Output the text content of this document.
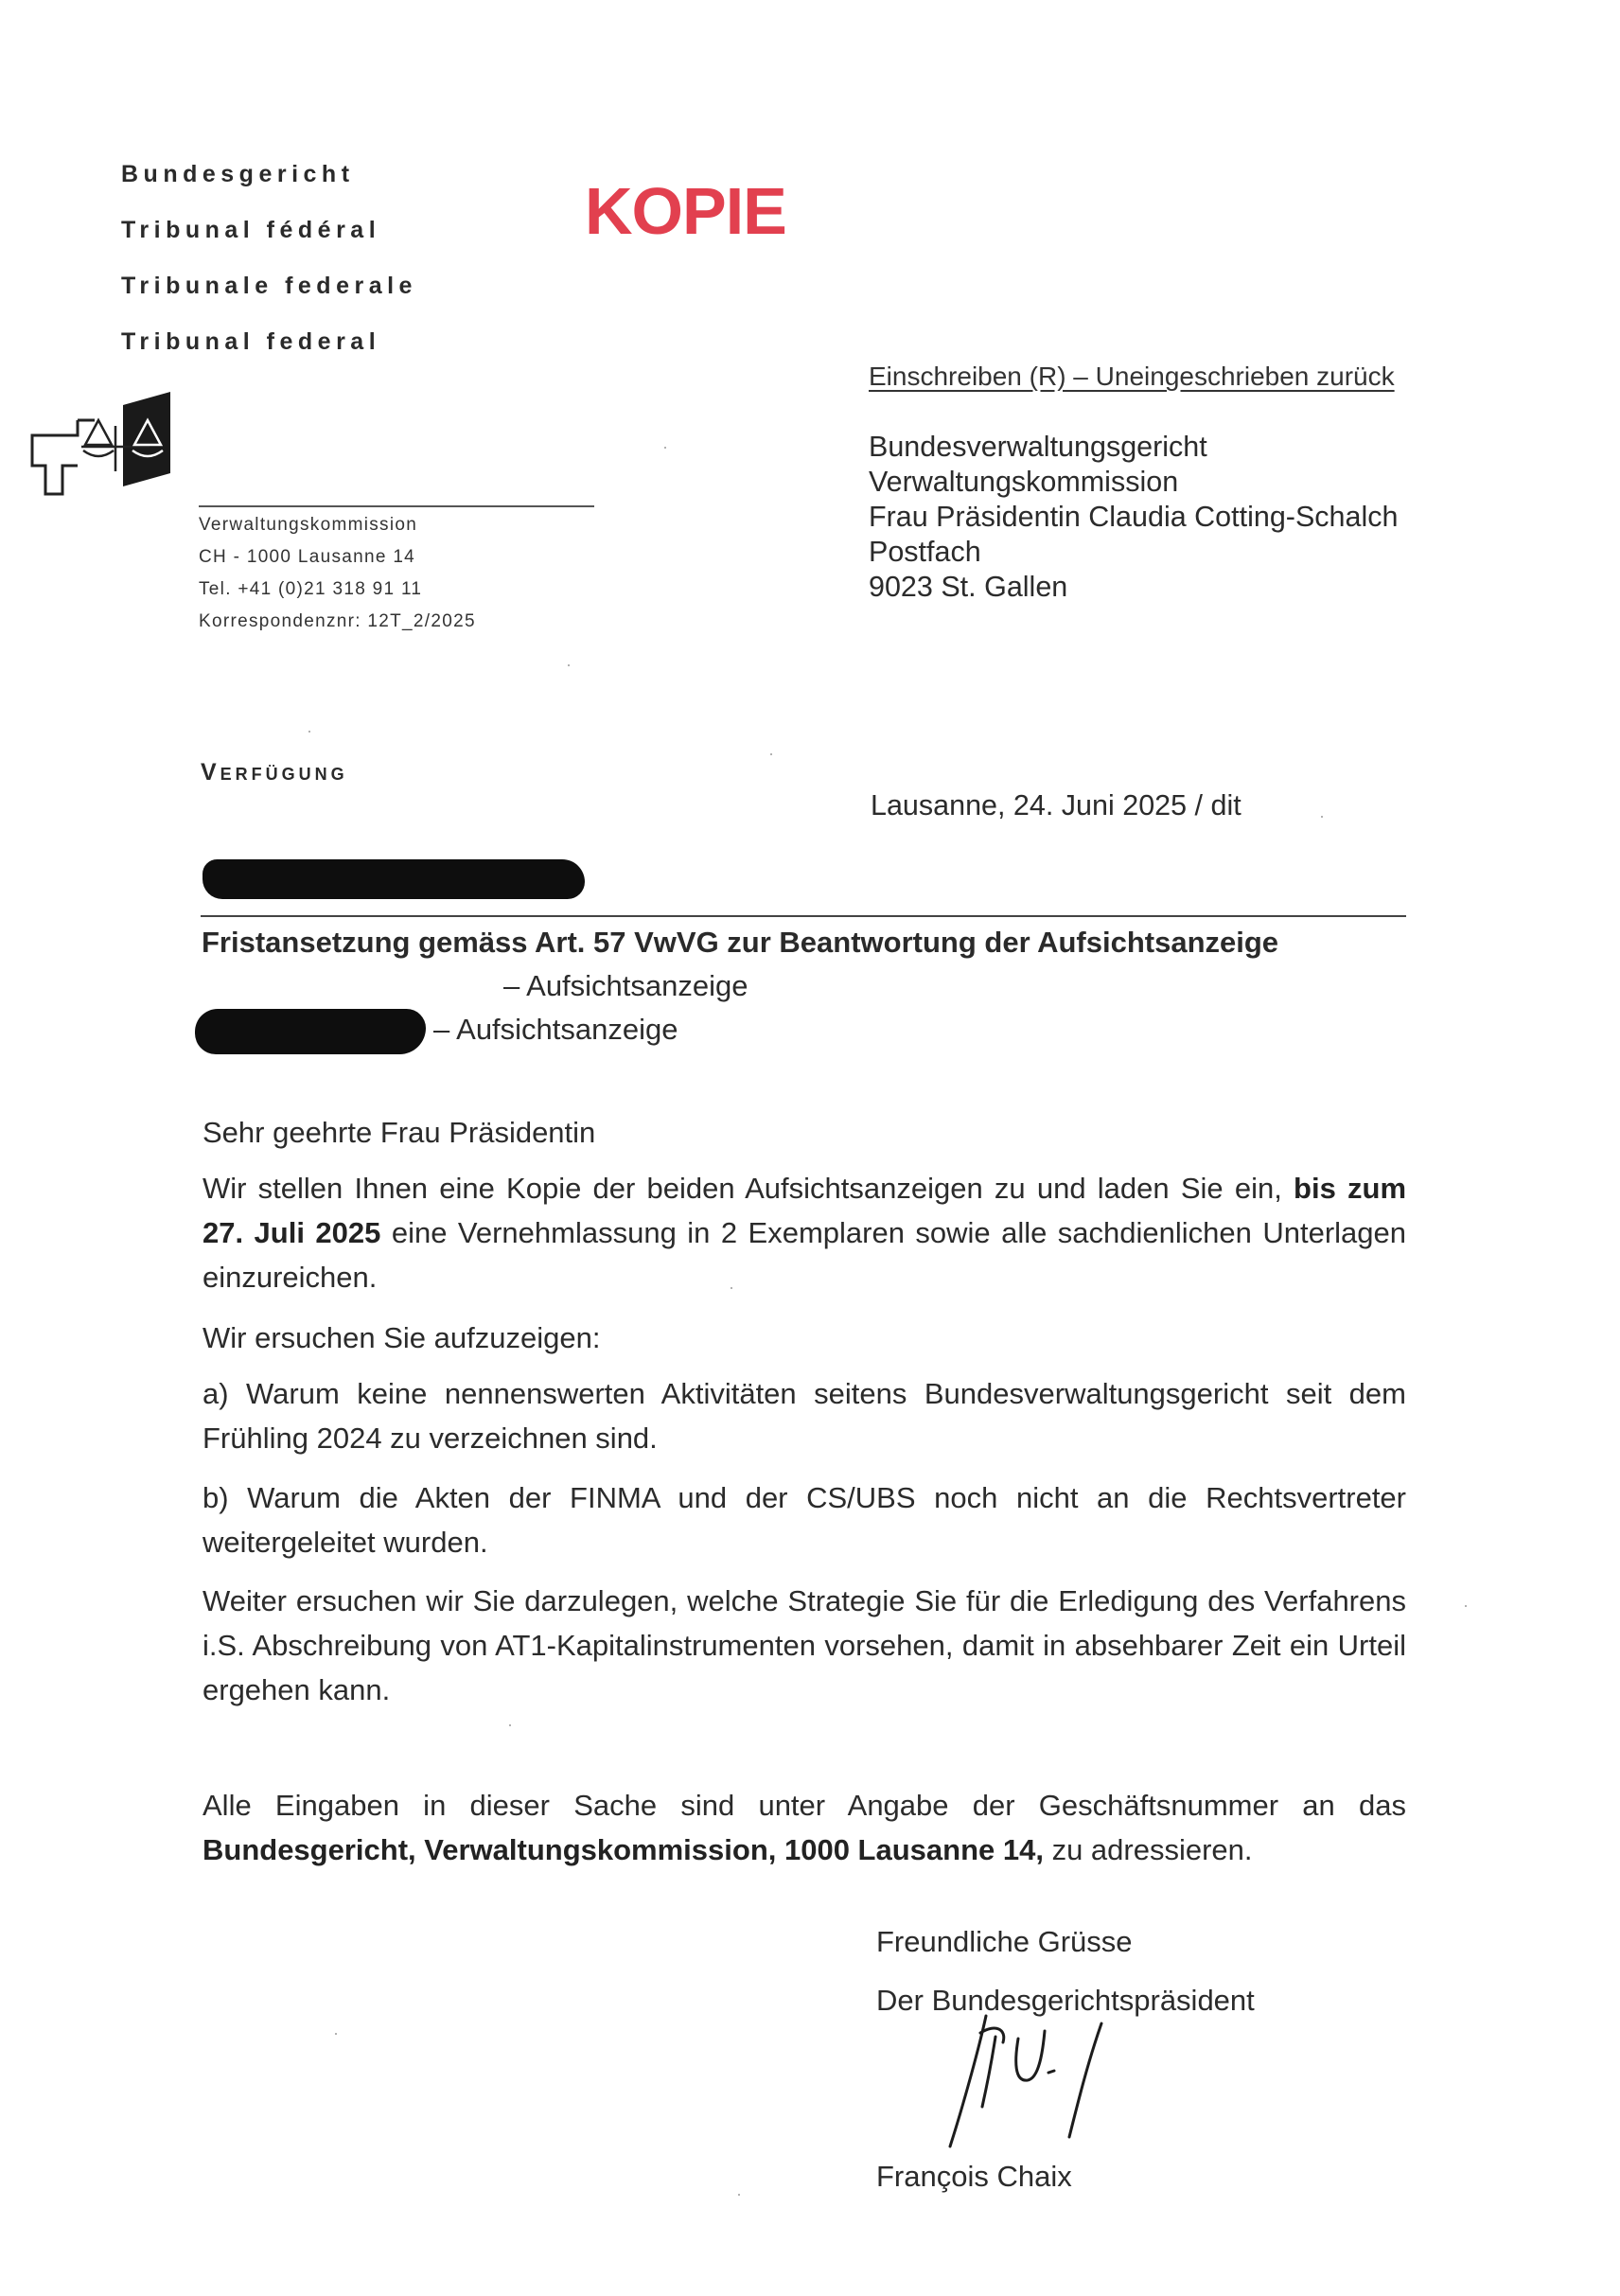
Bundesgericht
Tribunal fédéral
Tribunale federale
Tribunal federal
KOPIE
Verwaltungskommission
CH - 1000 Lausanne 14
Tel. +41 (0)21 318 91 11
Korrespondenznr: 12T_2/2025
Einschreiben (R) – Uneingeschrieben zurück
Bundesverwaltungsgericht
Verwaltungskommission
Frau Präsidentin Claudia Cotting-Schalch
Postfach
9023 St. Gallen
Verfügung
Lausanne, 24. Juni 2025 / dit
Fristansetzung gemäss Art. 57 VwVG zur Beantwortung der Aufsichtsanzeige
– Aufsichtsanzeige
– Aufsichtsanzeige

Sehr geehrte Frau Präsidentin

Wir stellen Ihnen eine Kopie der beiden Aufsichtsanzeigen zu und laden Sie ein, bis zum 27. Juli 2025 eine Vernehmlassung in 2 Exemplaren sowie alle sachdienlichen Unterlagen einzureichen.

Wir ersuchen Sie aufzuzeigen:

a) Warum keine nennenswerten Aktivitäten seitens Bundesverwaltungsgericht seit dem Frühling 2024 zu verzeichnen sind.

b) Warum die Akten der FINMA und der CS/UBS noch nicht an die Rechtsvertreter weitergeleitet wurden.

Weiter ersuchen wir Sie darzulegen, welche Strategie Sie für die Erledigung des Verfahrens i.S. Abschreibung von AT1-Kapitalinstrumenten vorsehen, damit in absehbarer Zeit ein Urteil ergehen kann.

Alle Eingaben in dieser Sache sind unter Angabe der Geschäftsnummer an das Bundesgericht, Verwaltungskommission, 1000 Lausanne 14, zu adressieren.

Freundliche Grüsse
Der Bundesgerichtspräsident
François Chaix
